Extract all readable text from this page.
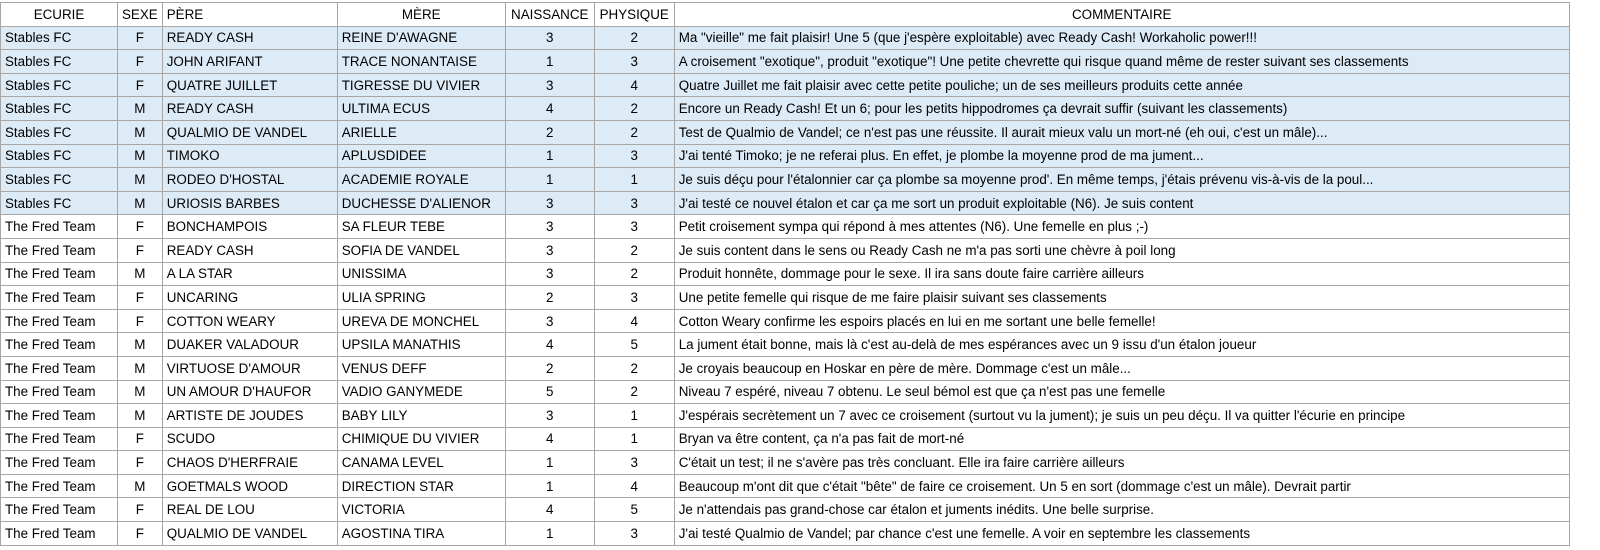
ECURIE	SEXE	PÈRE	MÈRE	NAISSANCE	PHYSIQUE	COMMENTAIRE
Stables FC	F	READY CASH	REINE D'AWAGNE	3	2	Ma "vieille" me fait plaisir! Une 5 (que j'espère exploitable) avec Ready Cash! Workaholic power!!!
Stables FC	F	JOHN ARIFANT	TRACE NONANTAISE	1	3	A croisement "exotique", produit "exotique"! Une petite chevrette qui risque quand même de rester suivant ses classements
Stables FC	F	QUATRE JUILLET	TIGRESSE DU VIVIER	3	4	Quatre Juillet me fait plaisir avec cette petite pouliche; un de ses meilleurs produits cette année
Stables FC	M	READY CASH	ULTIMA ECUS	4	2	Encore un Ready Cash! Et un 6; pour les petits hippodromes ça devrait suffir (suivant les classements)
Stables FC	M	QUALMIO DE VANDEL	ARIELLE	2	2	Test de Qualmio de Vandel; ce n'est pas une réussite. Il aurait mieux valu un mort-né (eh oui, c'est un mâle)...
Stables FC	M	TIMOKO	APLUSDIDEE	1	3	J'ai tenté Timoko; je ne referai plus. En effet, je plombe la moyenne prod de ma jument...
Stables FC	M	RODEO D'HOSTAL	ACADEMIE ROYALE	1	1	Je suis déçu pour l'étalonnier car ça plombe sa moyenne prod'. En même temps, j'étais prévenu vis-à-vis de la poul...
Stables FC	M	URIOSIS BARBES	DUCHESSE D'ALIENOR	3	3	J'ai testé ce nouvel étalon et car ça me sort un produit exploitable (N6). Je suis content
The Fred Team	F	BONCHAMPOIS	SA FLEUR TEBE	3	3	Petit croisement sympa qui répond à mes attentes (N6). Une femelle en plus ;-)
The Fred Team	F	READY CASH	SOFIA DE VANDEL	3	2	Je suis content dans le sens ou Ready Cash ne m'a pas sorti une chèvre à poil long
The Fred Team	M	A LA STAR	UNISSIMA	3	2	Produit honnête, dommage pour le sexe. Il ira sans doute faire carrière ailleurs
The Fred Team	F	UNCARING	ULIA SPRING	2	3	Une petite femelle qui risque de me faire plaisir suivant ses classements
The Fred Team	F	COTTON WEARY	UREVA DE MONCHEL	3	4	Cotton Weary confirme les espoirs placés en lui en me sortant une belle femelle!
The Fred Team	M	DUAKER VALADOUR	UPSILA MANATHIS	4	5	La jument était bonne, mais là c'est au-delà de mes espérances avec un 9 issu d'un étalon joueur
The Fred Team	M	VIRTUOSE D'AMOUR	VENUS DEFF	2	2	Je croyais beaucoup en Hoskar en père de mère. Dommage c'est un mâle...
The Fred Team	M	UN AMOUR D'HAUFOR	VADIO GANYMEDE	5	2	Niveau 7 espéré, niveau 7 obtenu. Le seul bémol est que ça n'est pas une femelle
The Fred Team	M	ARTISTE DE JOUDES	BABY LILY	3	1	J'espérais secrètement un 7 avec ce croisement (surtout vu la jument); je suis un peu déçu. Il va quitter l'écurie en principe
The Fred Team	F	SCUDO	CHIMIQUE DU VIVIER	4	1	Bryan va être content, ça n'a pas fait de mort-né
The Fred Team	F	CHAOS D'HERFRAIE	CANAMA LEVEL	1	3	C'était un test; il ne s'avère pas très concluant. Elle ira faire carrière ailleurs
The Fred Team	M	GOETMALS WOOD	DIRECTION STAR	1	4	Beaucoup m'ont dit que c'était "bête" de faire ce croisement. Un 5 en sort (dommage c'est un mâle). Devrait partir
The Fred Team	F	REAL DE LOU	VICTORIA	4	5	Je n'attendais pas grand-chose car étalon et juments inédits. Une belle surprise.
The Fred Team	F	QUALMIO DE VANDEL	AGOSTINA TIRA	1	3	J'ai testé Qualmio de Vandel; par chance c'est une femelle. A voir en septembre les classements
